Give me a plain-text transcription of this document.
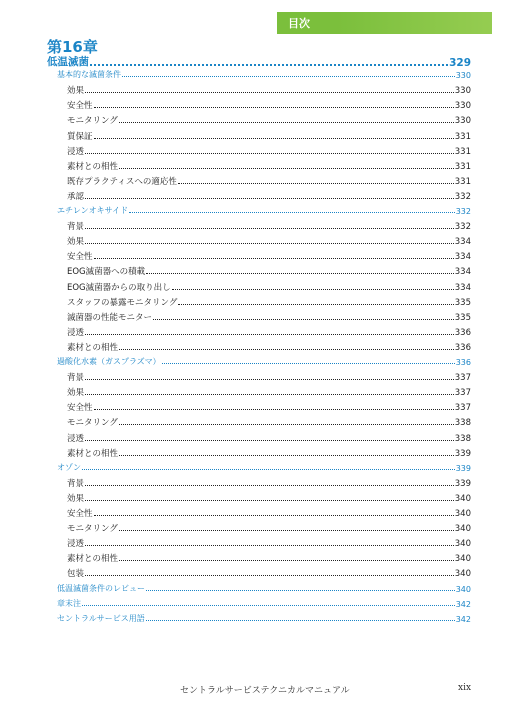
目次
第16章
低温滅菌	329
基本的な滅菌条件	330
効果	330
安全性	330
モニタリング	330
質保証	331
浸透	331
素材との相性	331
既存プラクティスへの適応性	331
承認	332
エチレンオキサイド	332
背景	332
効果	334
安全性	334
EOG滅菌器への積載	334
EOG滅菌器からの取り出し	334
スタッフの暴露モニタリング	335
滅菌器の性能モニター	335
浸透	336
素材との相性	336
過酸化水素（ガスプラズマ）	336
背景	337
効果	337
安全性	337
モニタリング	338
浸透	338
素材との相性	339
オゾン	339
背景	339
効果	340
安全性	340
モニタリング	340
浸透	340
素材との相性	340
包装	340
低温滅菌条件のレビュー	340
章末注	342
セントラルサービス用語	342
セントラルサービステクニカルマニュアル	xix
